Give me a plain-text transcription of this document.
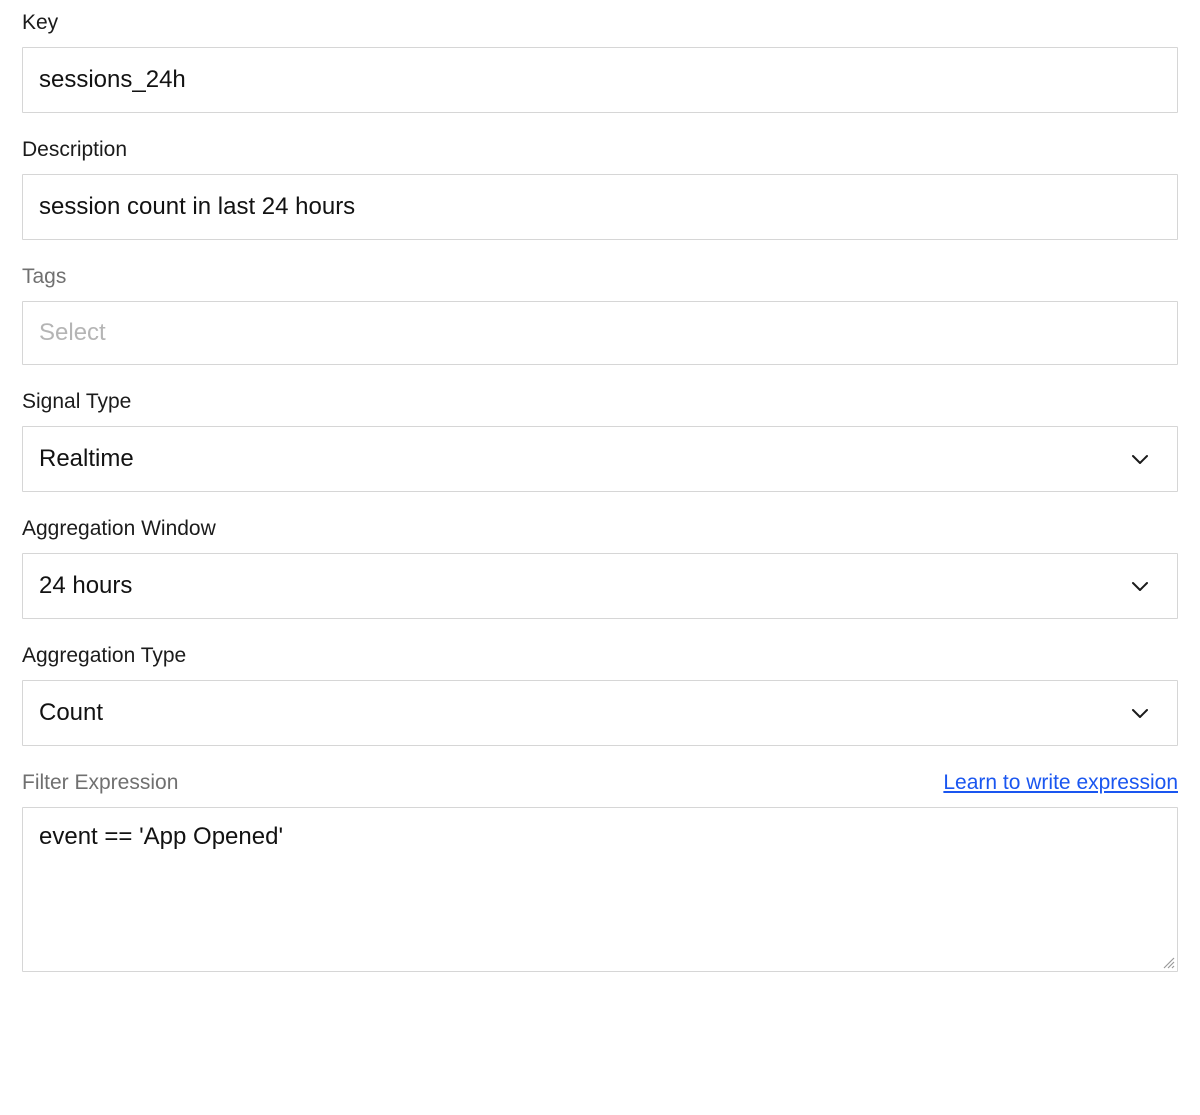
Key
sessions_24h
Description
session count in last 24 hours
Tags
Select
Signal Type
Realtime
Aggregation Window
24 hours
Aggregation Type
Count
Filter Expression	Learn to write expression
event == 'App Opened'
